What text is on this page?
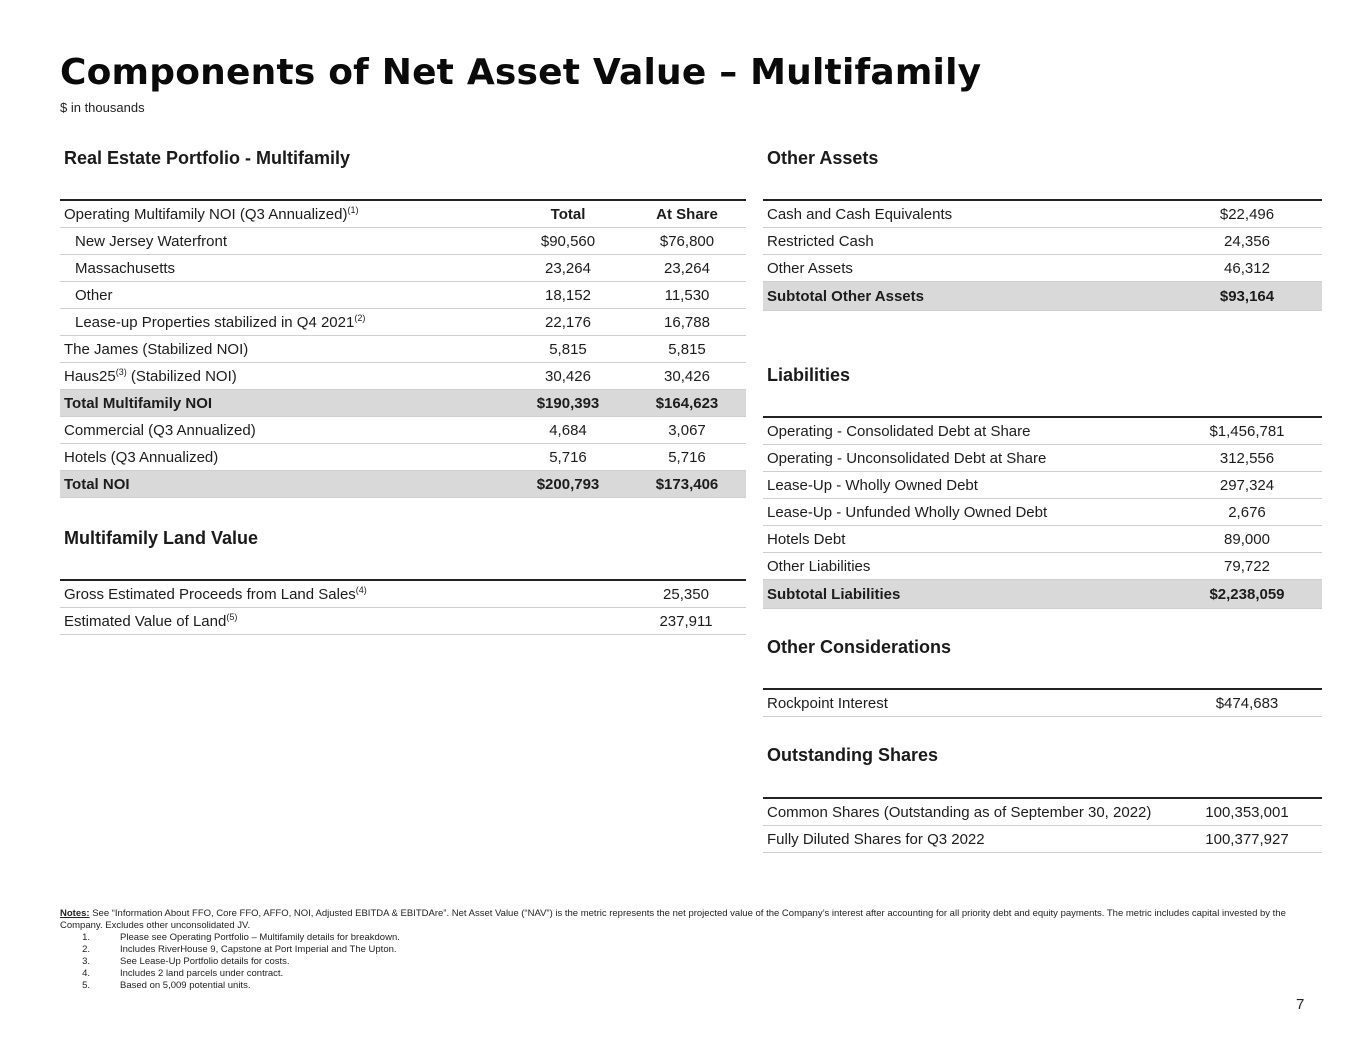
Components of Net Asset Value – Multifamily
$ in thousands
Real Estate Portfolio - Multifamily
Operating Multifamily NOI (Q3 Annualized)$^{(1)}$	Total	At Share
New Jersey Waterfront	$90,560	$76,800
Massachusetts	23,264	23,264
Other	18,152	11,530
Lease-up Properties stabilized in Q4 2021$^{(2)}$	22,176	16,788
The James (Stabilized NOI)	5,815	5,815
Haus25$^{(3)}$ (Stabilized NOI)	30,426	30,426
Total Multifamily NOI	$190,393	$164,623
Commercial (Q3 Annualized)	4,684	3,067
Hotels (Q3 Annualized)	5,716	5,716
Total NOI	$200,793	$173,406
Multifamily Land Value
Gross Estimated Proceeds from Land Sales$^{(4)}$	25,350
Estimated Value of Land$^{(5)}$	237,911
Other Assets
Cash and Cash Equivalents	$22,496
Restricted Cash	24,356
Other Assets	46,312
Subtotal Other Assets	$93,164
Liabilities
Operating - Consolidated Debt at Share	$1,456,781
Operating - Unconsolidated Debt at Share	312,556
Lease-Up - Wholly Owned Debt	297,324
Lease-Up - Unfunded Wholly Owned Debt	2,676
Hotels Debt	89,000
Other Liabilities	79,722
Subtotal Liabilities	$2,238,059
Other Considerations
Rockpoint Interest	$474,683
Outstanding Shares
Common Shares (Outstanding as of September 30, 2022)	100,353,001
Fully Diluted Shares for Q3 2022	100,377,927
Notes: See “Information About FFO, Core FFO, AFFO, NOI, Adjusted EBITDA & EBITDAre”. Net Asset Value (“NAV”) is the metric represents the net projected value of the Company’s interest after accounting for all priority debt and equity payments. The metric includes capital invested by the Company. Excludes other unconsolidated JV.
1.	Please see Operating Portfolio – Multifamily details for breakdown.
2.	Includes RiverHouse 9, Capstone at Port Imperial and The Upton.
3.	See Lease-Up Portfolio details for costs.
4.	Includes 2 land parcels under contract.
5.	Based on 5,009 potential units.
7
